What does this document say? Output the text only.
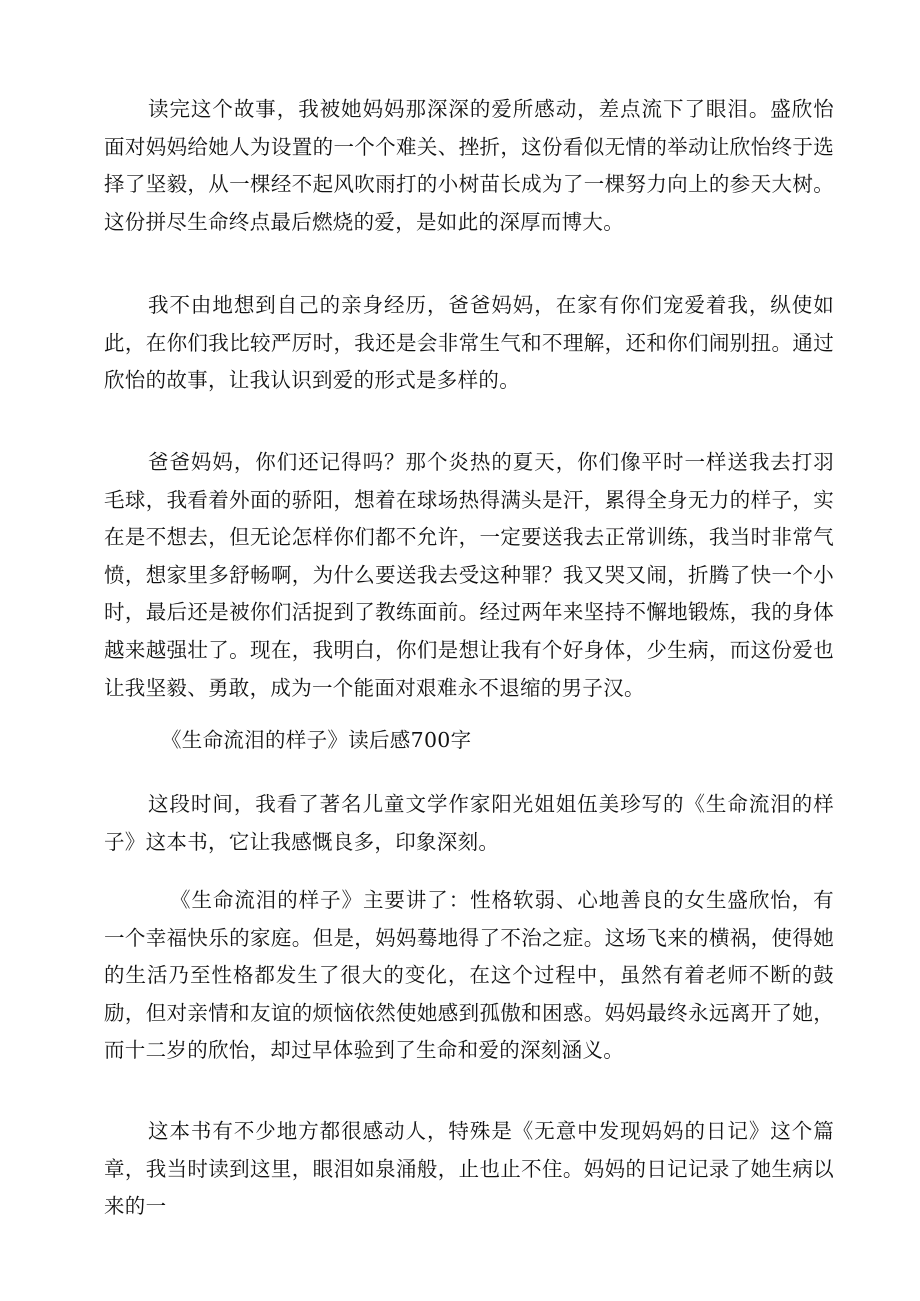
读完这个故事，我被她妈妈那深深的爱所感动，差点流下了眼泪。盛欣怡面对妈妈给她人为设置的一个个难关、挫折，这份看似无情的举动让欣怡终于选择了坚毅，从一棵经不起风吹雨打的小树苗长成为了一棵努力向上的参天大树。这份拼尽生命终点最后燃烧的爱，是如此的深厚而博大。

我不由地想到自己的亲身经历，爸爸妈妈，在家有你们宠爱着我，纵使如此，在你们我比较严厉时，我还是会非常生气和不理解，还和你们闹别扭。通过欣怡的故事，让我认识到爱的形式是多样的。

爸爸妈妈，你们还记得吗？那个炎热的夏天，你们像平时一样送我去打羽毛球，我看着外面的骄阳，想着在球场热得满头是汗，累得全身无力的样子，实在是不想去，但无论怎样你们都不允许，一定要送我去正常训练，我当时非常气愤，想家里多舒畅啊，为什么要送我去受这种罪？我又哭又闹，折腾了快一个小时，最后还是被你们活捉到了教练面前。经过两年来坚持不懈地锻炼，我的身体越来越强壮了。现在，我明白，你们是想让我有个好身体，少生病，而这份爱也让我坚毅、勇敢，成为一个能面对艰难永不退缩的男子汉。

《生命流泪的样子》读后感700字

这段时间，我看了著名儿童文学作家阳光姐姐伍美珍写的《生命流泪的样子》这本书，它让我感慨良多，印象深刻。

《生命流泪的样子》主要讲了：性格软弱、心地善良的女生盛欣怡，有一个幸福快乐的家庭。但是，妈妈蓦地得了不治之症。这场飞来的横祸，使得她的生活乃至性格都发生了很大的变化，在这个过程中，虽然有着老师不断的鼓励，但对亲情和友谊的烦恼依然使她感到孤傲和困惑。妈妈最终永远离开了她，而十二岁的欣怡，却过早体验到了生命和爱的深刻涵义。

这本书有不少地方都很感动人，特殊是《无意中发现妈妈的日记》这个篇章，我当时读到这里，眼泪如泉涌般，止也止不住。妈妈的日记记录了她生病以来的一
